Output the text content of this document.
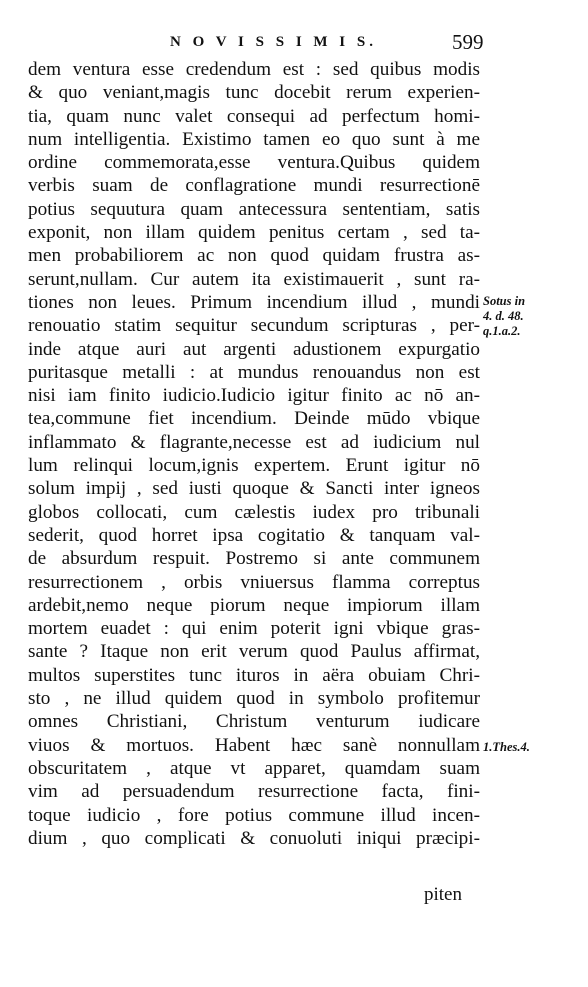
N O V I S S I M I S.	599
dem ventura esse credendum est : sed quibus modis
& quo veniant,magis tunc docebit rerum experien-
tia, quam nunc valet consequi ad perfectum homi-
num intelligentia. Existimo tamen eo quo sunt à me
ordine commemorata,esse ventura.Quibus quidem
verbis suam de conflagratione mundi resurrectionē
potius sequutura quam antecessura sententiam, satis
exponit, non illam quidem penitus certam , sed ta-
men probabiliorem ac non quod quidam frustra as-
serunt,nullam. Cur autem ita existimauerit , sunt ra-
tiones non leues. Primum incendium illud , mundi
renouatio statim sequitur secundum scripturas , per-
inde atque auri aut argenti adustionem expurgatio
puritasque metalli : at mundus renouandus non est
nisi iam finito iudicio.Iudicio igitur finito ac nō an-
tea,commune fiet incendium. Deinde mūdo vbique
inflammato & flagrante,necesse est ad iudicium nul
lum relinqui locum,ignis expertem. Erunt igitur nō
solum impij , sed iusti quoque & Sancti inter igneos
globos collocati, cum cælestis iudex pro tribunali
sederit, quod horret ipsa cogitatio & tanquam val-
de absurdum respuit. Postremo si ante communem
resurrectionem , orbis vniuersus flamma correptus
ardebit,nemo neque piorum neque impiorum illam
mortem euadet : qui enim poterit igni vbique gras-
sante ? Itaque non erit verum quod Paulus affirmat,
multos superstites tunc ituros in aëra obuiam Chri-
sto , ne illud quidem quod in symbolo profitemur
omnes Christiani, Christum venturum iudicare
viuos & mortuos. Habent hæc sanè nonnullam
obscuritatem , atque vt apparet, quamdam suam
vim ad persuadendum resurrectione facta, fini-
toque iudicio , fore potius commune illud incen-
dium , quo complicati & conuoluti iniqui præcipi-
Sotus in
4. d. 48.
q.1.a.2.
1.Thes.4.
piten
